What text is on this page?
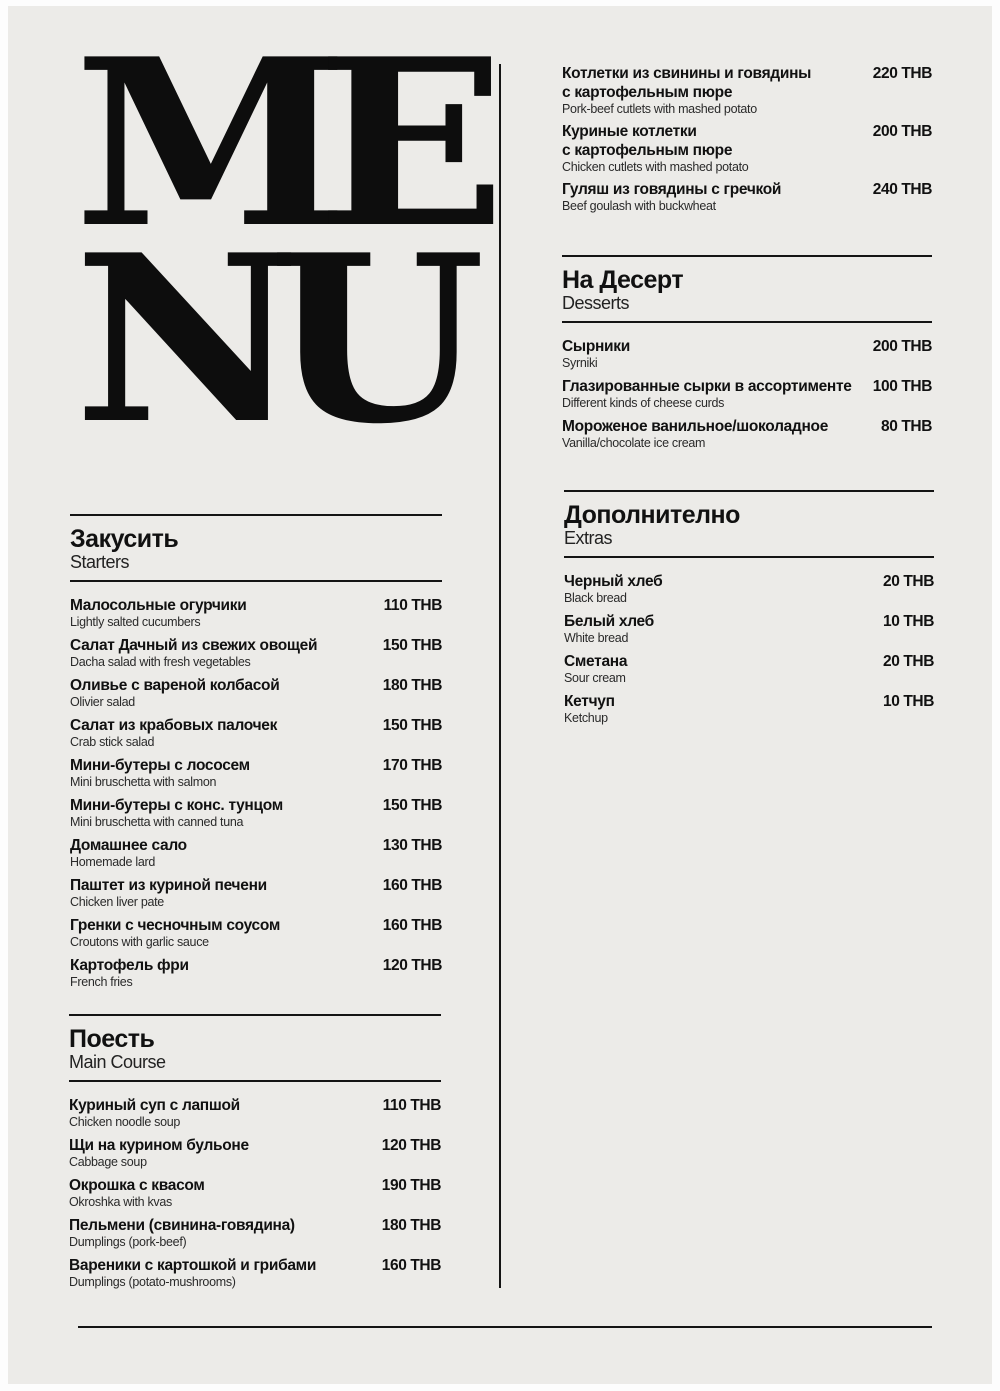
ME
NU
Закусить
Starters
Малосольные огурчики
Lightly salted cucumbers
110 THB
Салат Дачный из свежих овощей
Dacha salad with fresh vegetables
150 THB
Оливье с вареной колбасой
Olivier salad
180 THB
Салат из крабовых палочек
Crab stick salad
150 THB
Мини-бутеры с лососем
Mini bruschetta with salmon
170 THB
Мини-бутеры с конс. тунцом
Mini bruschetta with canned tuna
150 THB
Домашнее сало
Homemade lard
130 THB
Паштет из куриной печени
Chicken liver pate
160 THB
Гренки с чесночным соусом
Croutons with garlic sauce
160 THB
Картофель фри
French fries
120 THB
Поесть
Main Course
Куриный суп с лапшой
Chicken noodle soup
110 THB
Щи на курином бульоне
Cabbage soup
120 THB
Окрошка с квасом
Okroshka with kvas
190 THB
Пельмени (свинина-говядина)
Dumplings (pork-beef)
180 THB
Вареники с картошкой и грибами
Dumplings (potato-mushrooms)
160 THB
Котлетки из свинины и говядины
с картофельным пюре
Pork-beef cutlets with mashed potato
220 THB
Куриные котлетки
с картофельным пюре
Chicken cutlets with mashed potato
200 THB
Гуляш из говядины с гречкой
Beef goulash with buckwheat
240 THB
На Десерт
Desserts
Сырники
Syrniki
200 THB
Глазированные сырки в ассортименте
Different kinds of cheese curds
100 THB
Мороженое ванильное/шоколадное
Vanilla/chocolate ice cream
80 THB
Дополнително
Extras
Черный хлеб
Black bread
20 THB
Белый хлеб
White bread
10 THB
Сметана
Sour cream
20 THB
Кетчуп
Ketchup
10 THB
